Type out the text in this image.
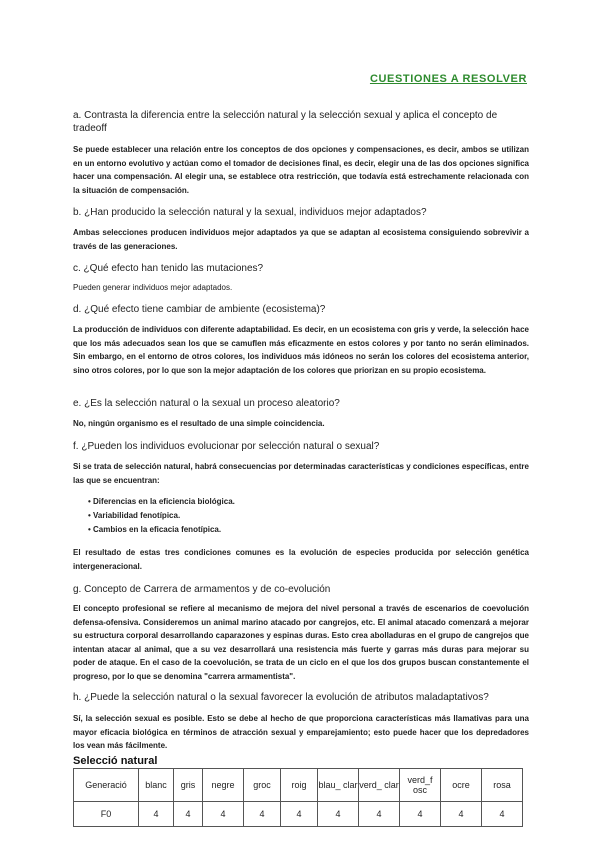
CUESTIONES A RESOLVER
a. Contrasta la diferencia entre la selección natural y la selección sexual y aplica el concepto de tradeoff
Se puede establecer una relación entre los conceptos de dos opciones y compensaciones, es decir, ambos se utilizan en un entorno evolutivo y actúan como el tomador de decisiones final, es decir, elegir una de las dos opciones significa hacer una compensación. Al elegir una, se establece otra restricción, que todavía está estrechamente relacionada con la situación de compensación.
b. ¿Han producido la selección natural y la sexual, individuos mejor adaptados?
Ambas selecciones producen individuos mejor adaptados ya que se adaptan al ecosistema consiguiendo sobrevivir a través de las generaciones.
c. ¿Qué efecto han tenido las mutaciones?
Pueden generar individuos mejor adaptados.
d. ¿Qué efecto tiene cambiar de ambiente (ecosistema)?
La producción de individuos con diferente adaptabilidad. Es decir, en un ecosistema con gris y verde, la selección hace que los más adecuados sean los que se camuflen más eficazmente en estos colores y por tanto no serán eliminados. Sin embargo, en el entorno de otros colores, los individuos más idóneos no serán los colores del ecosistema anterior, sino otros colores, por lo que son la mejor adaptación de los colores que priorizan en su propio ecosistema.
e. ¿Es la selección natural o la sexual un proceso aleatorio?
No, ningún organismo es el resultado de una simple coincidencia.
f. ¿Pueden los individuos evolucionar por selección natural o sexual?
Si se trata de selección natural, habrá consecuencias por determinadas características y condiciones específicas, entre las que se encuentran:
• Diferencias en la eficiencia biológica.
• Variabilidad fenotípica.
• Cambios en la eficacia fenotípica.
El resultado de estas tres condiciones comunes es la evolución de especies producida por selección genética intergeneracional.
g. Concepto de Carrera de armamentos y de co-evolución
El concepto profesional se refiere al mecanismo de mejora del nivel personal a través de escenarios de coevolución defensa-ofensiva. Consideremos un animal marino atacado por cangrejos, etc. El animal atacado comenzará a mejorar su estructura corporal desarrollando caparazones y espinas duras. Esto crea abolladuras en el grupo de cangrejos que intentan atacar al animal, que a su vez desarrollará una resistencia más fuerte y garras más duras para mejorar su poder de ataque. En el caso de la coevolución, se trata de un ciclo en el que los dos grupos buscan constantemente el progreso, por lo que se denomina "carrera armamentista".
h. ¿Puede la selección natural o la sexual favorecer la evolución de atributos maladaptativos?
Sí, la selección sexual es posible. Esto se debe al hecho de que proporciona características más llamativas para una mayor eficacia biológica en términos de atracción sexual y emparejamiento; esto puede hacer que los depredadores los vean más fácilmente.
Selecció natural
Generació	blanc	gris	negre	groc	roig	blau_ clar	verd_ clar	verd_f osc	ocre	rosa
F0	4	4	4	4	4	4	4	4	4	4
